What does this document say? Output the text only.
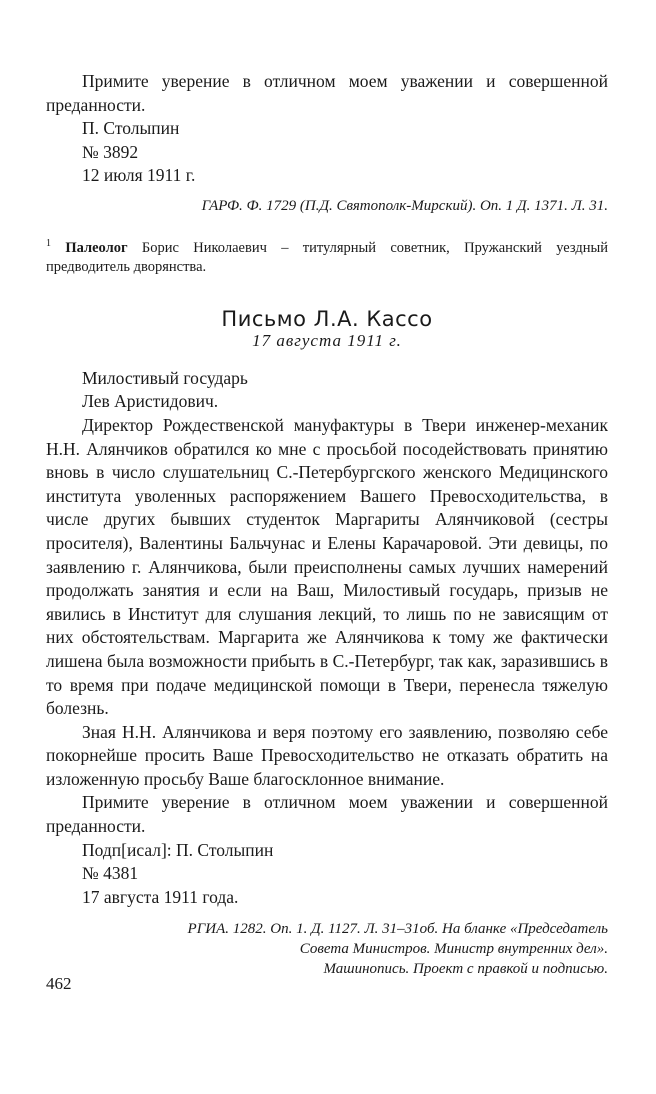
Примите уверение в отличном моем уважении и совершенной преданности.

П. Столыпин

№ 3892

12 июля 1911 г.

ГАРФ. Ф. 1729 (П.Д. Святополк-Мирский). Оп. 1 Д. 1371. Л. 31.

$^1$ Палеолог Борис Николаевич – титулярный советник, Пружанский уездный предводитель дворянства.

Письмо Л.А. Кассо

17 августа 1911 г.

Милостивый государь

Лев Аристидович.

Директор Рождественской мануфактуры в Твери инженер-механик Н.Н. Алянчиков обратился ко мне с просьбой посодействовать принятию вновь в число слушательниц С.-Петербургского женского Медицинского института уволенных распоряжением Вашего Превосходительства, в числе других бывших студенток Маргариты Алянчиковой (сестры просителя), Валентины Бальчунас и Елены Карачаровой. Эти девицы, по заявлению г. Алянчикова, были преисполнены самых лучших намерений продолжать занятия и если на Ваш, Милостивый государь, призыв не явились в Институт для слушания лекций, то лишь по не зависящим от них обстоятельствам. Маргарита же Алянчикова к тому же фактически лишена была возможности прибыть в С.-Петербург, так как, заразившись в то время при подаче медицинской помощи в Твери, перенесла тяжелую болезнь.

Зная Н.Н. Алянчикова и веря поэтому его заявлению, позволяю себе покорнейше просить Ваше Превосходительство не отказать обратить на изложенную просьбу Ваше благосклонное внимание.

Примите уверение в отличном моем уважении и совершенной преданности.

Подп[исал]: П. Столыпин

№ 4381

17 августа 1911 года.

РГИА. 1282. Оп. 1. Д. 1127. Л. 31–31об. На бланке «Председатель

Совета Министров. Министр внутренних дел».

Машинопись. Проект с правкой и подписью.

462
